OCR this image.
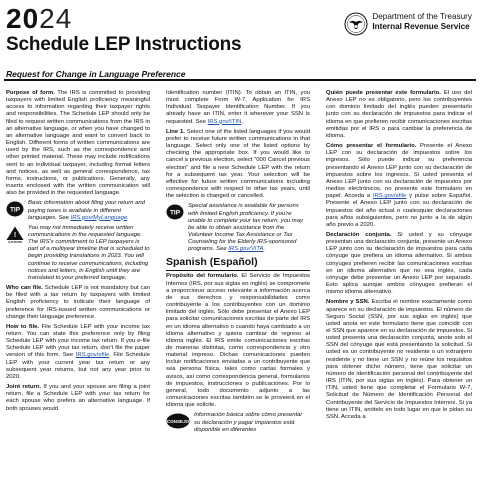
2024
Schedule LEP Instructions
Department of the Treasury
Internal Revenue Service
Request for Change in Language Preference

Purpose of form. The IRS is committed to providing taxpayers with limited English proficiency meaningful access to information regarding their taxpayer rights and responsibilities. The Schedule LEP should only be filed to request written communications from the IRS in an alternative language, or when you have changed to an alternative language and want to convert back to English. Different forms of written communications are used by the IRS, such as the correspondence and other printed material. These may include notifications sent to an individual taxpayer, including formal letters and notices, as well as general correspondence, tax forms, instructions, or publications. Generally, any inserts enclosed with the written communication will also be provided in the requested language.

TIP
Basic information about filing your return and paying taxes is available in different languages. See IRS.gov/MyLanguage.
!
CAUTION
You may not immediately receive written communications in the requested language. The IRS's commitment to LEP taxpayers is part of a multiyear timeline that is scheduled to begin providing translations in 2023. You will continue to receive communications, including notices and letters, in English until they are translated to your preferred language.

Who can file. Schedule LEP is not mandatory but can be filed with a tax return by taxpayers with limited English proficiency to indicate their language of preference for IRS-issued written communications or change their language preference.

How to file. File Schedule LEP with your income tax return. You can state this preference only by filing Schedule LEP with your income tax return. If you e-file Schedule LEP with your tax return, don't file the paper version of this form. See IRS.gov/efile. File Schedule LEP with your current year tax return or any subsequent year returns, but not any year prior to 2020.

Joint return. If you and your spouse are filing a joint return, file a Schedule LEP with your tax return for each spouse who prefers an alternative language. If both spouses would

Identification number (ITIN). To obtain an ITIN, you must complete Form W-7, Application for IRS Individual Taxpayer Identification Number. If you already have an ITIN, enter it wherever your SSN is requested. See IRS.gov/ITIN.

Line 1. Select one of the listed languages if you would prefer to receive future written communications in that language. Select only one of the listed options by checking the appropriate box. If you would like to cancel a previous election, select "000 Cancel previous election" and file a new Schedule LEP with the return for a subsequent tax year. Your selection will be effective for future written communications including correspondence with respect to other tax years, until the selection is changed or cancelled.

TIP
Special assistance is available for persons with limited English proficiency. If you're unable to complete your tax return, you may be able to obtain assistance from the Volunteer Income Tax Assistance or Tax Counseling for the Elderly IRS-sponsored programs. See IRS.gov/VITA.
Spanish (Español)

Propósito del formulario. El Servicio de Impuestos Internos (IRS, por sus siglas en inglés) se compromete a proporcionar acceso relevante a información acerca de sus derechos y responsabilidades como contribuyente a los contribuyentes con un dominio limitado del inglés. Sólo debe presentar el Anexo LEP para solicitar comunicaciones escritas de parte del IRS en un idioma alternativo o cuando haya cambiado a un idioma alternativo y quiera cambiar de regreso al idioma inglés. El IRS emite comunicaciones escritas de maneras distintas, como correspondencia y otro material impreso. Dichas comunicaciones pueden incluir notificaciones enviadas a un contribuyente que sea persona física, tales como cartas formales y avisos, así como correspondencia general, formularios de impuestos, instrucciones o publicaciones. Por lo general, todo documento adjunto a las comunicaciones escritas también se le proveerá en el idioma que solicite.

CONSEJO
Información básica sobre cómo presentar su declaración y pagar impuestos está disponible en diferentes

Quién puede presentar este formulario. El uso del Anexo LEP no es obligatorio, pero los contribuyentes con dominio limitado del inglés pueden presentarlo junto con su declaración de impuestos para indicar el idioma en que prefieren recibir comunicaciones escritas emitidas por el IRS o para cambiar la preferencia de idioma.

Cómo presentar el formulario. Presente el Anexo LEP con su declaración de impuestos sobre los ingresos. Sólo puede indicar su preferencia presentando el Anexo LEP junto con su declaración de impuestos sobre los ingresos. Si usted presenta el Anexo LEP junto con su declaración de impuestos por medios electrónicos, no presente este formulario en papel. Acceda a IRS.gov/efile y pulse sobre Español. Presente el Anexo LEP junto con su declaración de impuestos del año actual o cualesquier declaraciones para años subsiguientes, pero no junto a la de algún año previo a 2020.

Declaración conjunta. Si usted y su cónyuge presentan una declaración conjunta, presente un Anexo LEP junto con su declaración de impuestos para cada cónyuge que prefiera un idioma alternativo. Si ambos cónyuges prefieren recibir las comunicaciones escritas en un idioma alternativo que no sea inglés, cada cónyuge debe presentar un Anexo LEP por separado. Esto aplica aunque ambos cónyuges prefieran el mismo idioma alternativo.

Nombre y SSN. Escriba el nombre exactamente como aparece en su declaración de impuestos. El número de Seguro Social (SSN, por sus siglas en inglés) que usted anota en este formulario tiene que coincidir con el SSN que aparece en su declaración de impuestos. Si usted presenta una declaración conjunta, anote solo el SSN del cónyuge que está presentando la solicitud. Si usted es un contribuyente no residente o un extranjero residente y no tiene un SSN y no reúne los requisitos para obtener dicho número, tiene que solicitar un número de identificación personal del contribuyente del IRS (ITIN, por sus siglas en inglés). Para obtener un ITIN, usted tiene que completar el Formulario W-7, Solicitud de Número de Identificación Personal del Contribuyente del Servicio de Impuestos Internos. Si ya tiene un ITIN, anótelo en todo lugar en que le pidan su SSN. Acceda a
